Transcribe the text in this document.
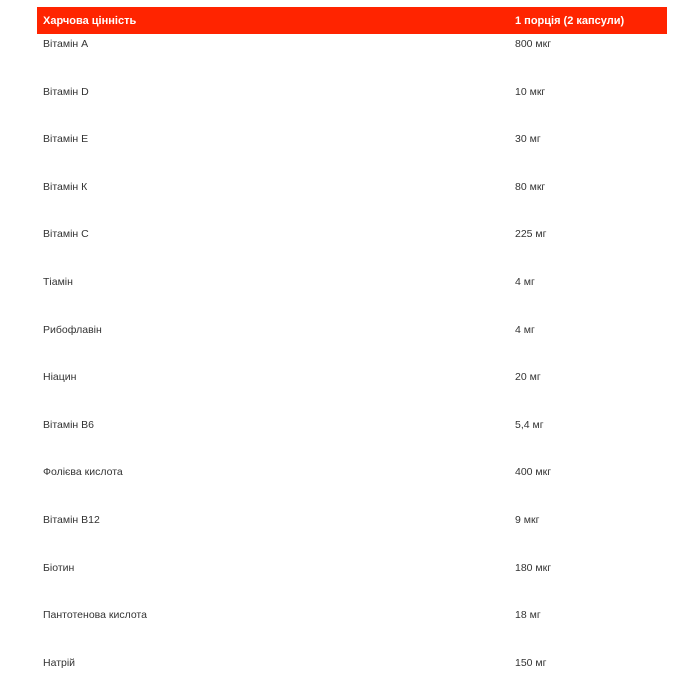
Харчова цінність	1 порція (2 капсули)
Вітамін А	800 мкг
Вітамін D	10 мкг
Вітамін Е	30 мг
Вітамін К	80 мкг
Вітамін С	225 мг
Тіамін	4 мг
Рибофлавін	4 мг
Ніацин	20 мг
Вітамін В6	5,4 мг
Фолієва кислота	400 мкг
Вітамін В12	9 мкг
Біотин	180 мкг
Пантотенова кислота	18 мг
Натрій	150 мг
